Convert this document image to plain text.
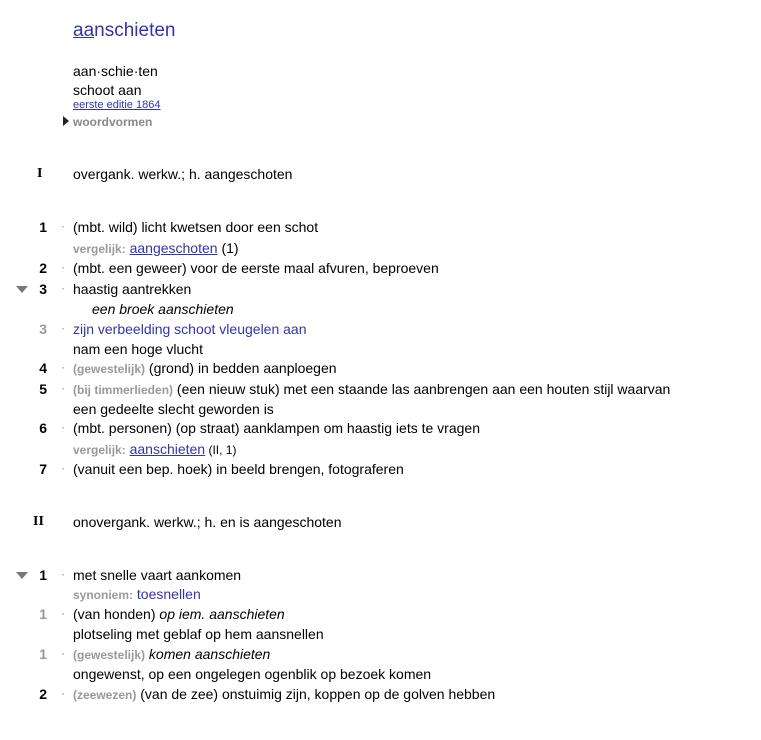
aanschieten
aan·schie·ten
schoot aan
eerste editie 1864
woordvormen
I overgank. werkw.; h. aangeschoten
1 · (mbt. wild) licht kwetsen door een schot
vergelijk: aangeschoten (1)
2 · (mbt. een geweer) voor de eerste maal afvuren, beproeven
3 · haastig aantrekken
een broek aanschieten
3 · zijn verbeelding schoot vleugelen aan
nam een hoge vlucht
4 · (gewestelijk) (grond) in bedden aanploegen
5 · (bij timmerlieden) (een nieuw stuk) met een staande las aanbrengen aan een houten stijl waarvan
een gedeelte slecht geworden is
6 · (mbt. personen) (op straat) aanklampen om haastig iets te vragen
vergelijk: aanschieten (II, 1)
7 · (vanuit een bep. hoek) in beeld brengen, fotograferen
II onovergank. werkw.; h. en is aangeschoten
1 · met snelle vaart aankomen
synoniem: toesnellen
1 · (van honden) op iem. aanschieten
plotseling met geblaf op hem aansnellen
1 · (gewestelijk) komen aanschieten
ongewenst, op een ongelegen ogenblik op bezoek komen
2 · (zeewezen) (van de zee) onstuimig zijn, koppen op de golven hebben
